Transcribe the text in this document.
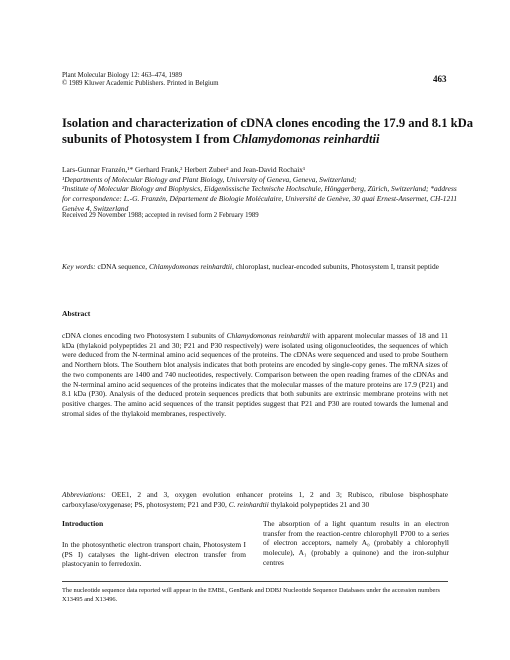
Plant Molecular Biology 12: 463–474, 1989
© 1989 Kluwer Academic Publishers. Printed in Belgium	463
Isolation and characterization of cDNA clones encoding the 17.9 and 8.1 kDa subunits of Photosystem I from Chlamydomonas reinhardtii
Lars-Gunnar Franzén,¹* Gerhard Frank,² Herbert Zuber² and Jean-David Rochaix¹
¹Departments of Molecular Biology and Plant Biology, University of Geneva, Geneva, Switzerland;
²Institute of Molecular Biology and Biophysics, Eidgenössische Technische Hochschule, Hönggerberg, Zürich, Switzerland; *address for correspondence: L.-G. Franzén, Département de Biologie Moléculaire, Université de Genève, 30 quai Ernest-Ansermet, CH-1211 Genève 4, Switzerland
Received 29 November 1988; accepted in revised form 2 February 1989
Key words: cDNA sequence, Chlamydomonas reinhardtii, chloroplast, nuclear-encoded subunits, Photosystem I, transit peptide
Abstract
cDNA clones encoding two Photosystem I subunits of Chlamydomonas reinhardtii with apparent molecular masses of 18 and 11 kDa (thylakoid polypeptides 21 and 30; P21 and P30 respectively) were isolated using oligonucleotides, the sequences of which were deduced from the N-terminal amino acid sequences of the proteins. The cDNAs were sequenced and used to probe Southern and Northern blots. The Southern blot analysis indicates that both proteins are encoded by single-copy genes. The mRNA sizes of the two components are 1400 and 740 nucleotides, respectively. Comparison between the open reading frames of the cDNAs and the N-terminal amino acid sequences of the proteins indicates that the molecular masses of the mature proteins are 17.9 (P21) and 8.1 kDa (P30). Analysis of the deduced protein sequences predicts that both subunits are extrinsic membrane proteins with net positive charges. The amino acid sequences of the transit peptides suggest that P21 and P30 are routed towards the lumenal and stromal sides of the thylakoid membranes, respectively.
Abbreviations: OEE1, 2 and 3, oxygen evolution enhancer proteins 1, 2 and 3; Rubisco, ribulose bisphosphate carboxylase/oxygenase; PS, photosystem; P21 and P30, C. reinhardtii thylakoid polypeptides 21 and 30
Introduction
In the photosynthetic electron transport chain, Photosystem I (PS I) catalyses the light-driven electron transfer from plastocyanin to ferredoxin.
The absorption of a light quantum results in an electron transfer from the reaction-centre chlorophyll P700 to a series of electron acceptors, namely A₀ (probably a chlorophyll molecule), A₁ (probably a quinone) and the iron-sulphur centres
The nucleotide sequence data reported will appear in the EMBL, GenBank and DDBJ Nucleotide Sequence Databases under the accession numbers X13495 and X13496.
